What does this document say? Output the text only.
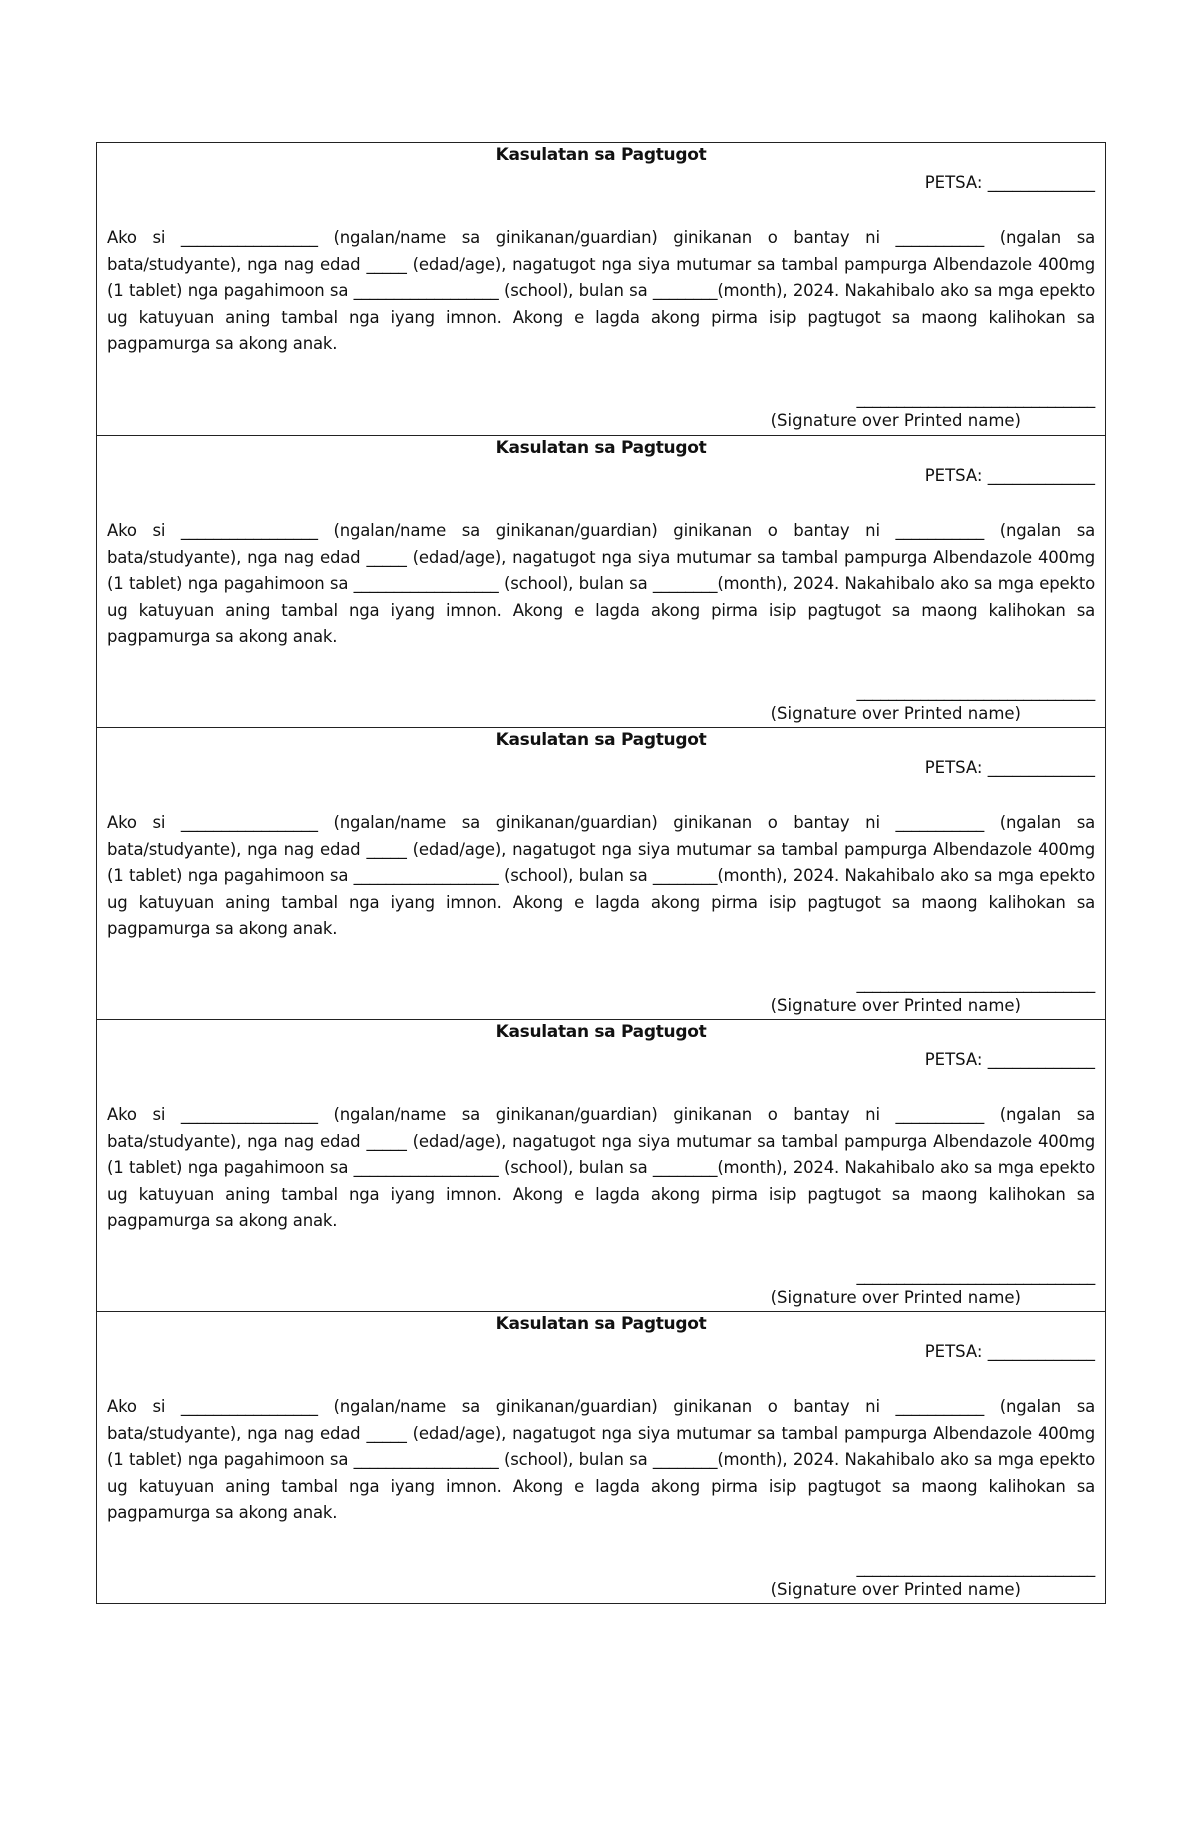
Kasulatan sa Pagtugot
PETSA: _____________
Ako si _________________ (ngalan/name sa ginikanan/guardian) ginikanan o bantay ni ___________ (ngalan sa bata/studyante), nga nag edad _____ (edad/age), nagatugot nga siya mutumar sa tambal pampurga Albendazole 400mg (1 tablet) nga pagahimoon sa __________________ (school), bulan sa ________(month), 2024. Nakahibalo ako sa mga epekto ug katuyuan aning tambal nga iyang imnon. Akong e lagda akong pirma isip pagtugot sa maong kalihokan sa pagpamurga sa akong anak.
______________________________
(Signature over Printed name)
Kasulatan sa Pagtugot
PETSA: _____________
Ako si _________________ (ngalan/name sa ginikanan/guardian) ginikanan o bantay ni ___________ (ngalan sa bata/studyante), nga nag edad _____ (edad/age), nagatugot nga siya mutumar sa tambal pampurga Albendazole 400mg (1 tablet) nga pagahimoon sa __________________ (school), bulan sa ________(month), 2024. Nakahibalo ako sa mga epekto ug katuyuan aning tambal nga iyang imnon. Akong e lagda akong pirma isip pagtugot sa maong kalihokan sa pagpamurga sa akong anak.
______________________________
(Signature over Printed name)
Kasulatan sa Pagtugot
PETSA: _____________
Ako si _________________ (ngalan/name sa ginikanan/guardian) ginikanan o bantay ni ___________ (ngalan sa bata/studyante), nga nag edad _____ (edad/age), nagatugot nga siya mutumar sa tambal pampurga Albendazole 400mg (1 tablet) nga pagahimoon sa __________________ (school), bulan sa ________(month), 2024. Nakahibalo ako sa mga epekto ug katuyuan aning tambal nga iyang imnon. Akong e lagda akong pirma isip pagtugot sa maong kalihokan sa pagpamurga sa akong anak.
______________________________
(Signature over Printed name)
Kasulatan sa Pagtugot
PETSA: _____________
Ako si _________________ (ngalan/name sa ginikanan/guardian) ginikanan o bantay ni ___________ (ngalan sa bata/studyante), nga nag edad _____ (edad/age), nagatugot nga siya mutumar sa tambal pampurga Albendazole 400mg (1 tablet) nga pagahimoon sa __________________ (school), bulan sa ________(month), 2024. Nakahibalo ako sa mga epekto ug katuyuan aning tambal nga iyang imnon. Akong e lagda akong pirma isip pagtugot sa maong kalihokan sa pagpamurga sa akong anak.
______________________________
(Signature over Printed name)
Kasulatan sa Pagtugot
PETSA: _____________
Ako si _________________ (ngalan/name sa ginikanan/guardian) ginikanan o bantay ni ___________ (ngalan sa bata/studyante), nga nag edad _____ (edad/age), nagatugot nga siya mutumar sa tambal pampurga Albendazole 400mg (1 tablet) nga pagahimoon sa __________________ (school), bulan sa ________(month), 2024. Nakahibalo ako sa mga epekto ug katuyuan aning tambal nga iyang imnon. Akong e lagda akong pirma isip pagtugot sa maong kalihokan sa pagpamurga sa akong anak.
______________________________
(Signature over Printed name)
